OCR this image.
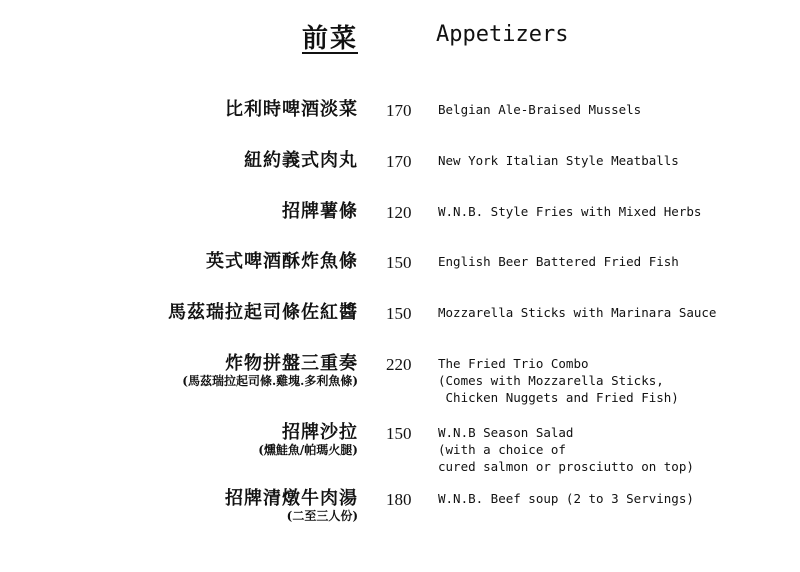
前菜	Appetizers
比利時啤酒淡菜 170 Belgian Ale-Braised Mussels
紐約義式肉丸 170 New York Italian Style Meatballs
招牌薯條 120 W.N.B. Style Fries with Mixed Herbs
英式啤酒酥炸魚條 150 English Beer Battered Fried Fish
馬茲瑞拉起司條佐紅醬 150 Mozzarella Sticks with Marinara Sauce
炸物拼盤三重奏
(馬茲瑞拉起司條.雞塊.多利魚條)
220 The Fried Trio Combo
(Comes with Mozzarella Sticks,
Chicken Nuggets and Fried Fish)
招牌沙拉
(燻鮭魚/帕瑪火腿)
150 W.N.B Season Salad
(with a choice of
cured salmon or prosciutto on top)
招牌清燉牛肉湯
(二至三人份)
180 W.N.B. Beef soup (2 to 3 Servings)
